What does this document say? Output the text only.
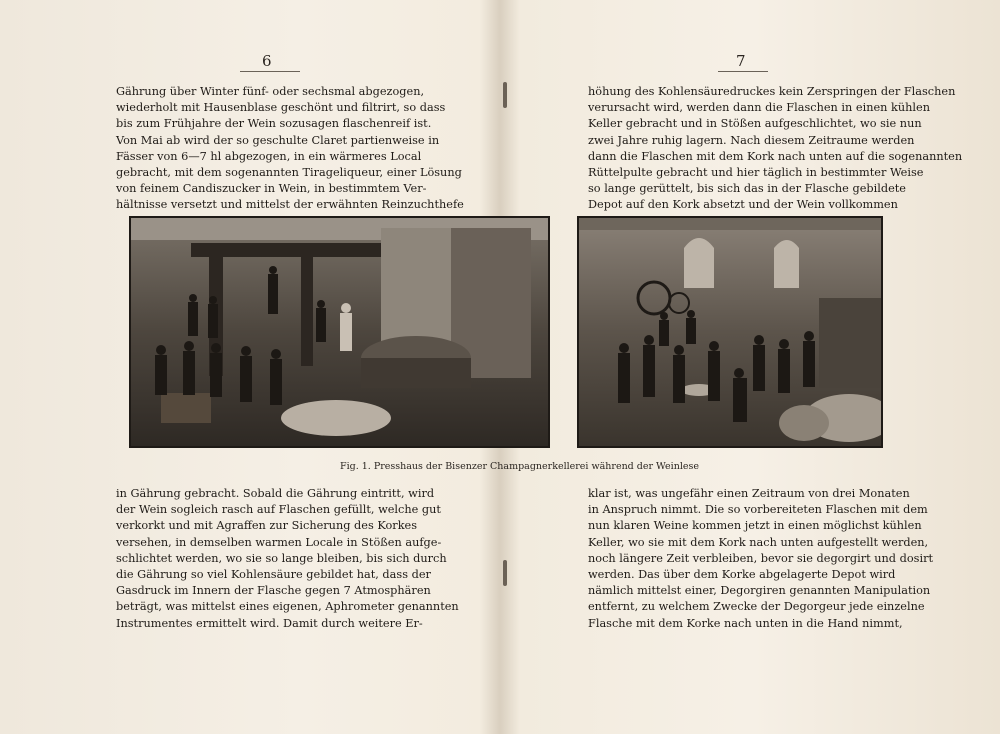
6	7

Gährung über Winter fünf- oder sechsmal abgezogen,

wiederholt mit Hausenblase geschönt und filtrirt, so dass

bis zum Frühjahre der Wein sozusagen flaschenreif ist.

Von Mai ab wird der so geschulte Claret partienweise in

Fässer von 6—7 hl abgezogen, in ein wärmeres Local

gebracht, mit dem sogenannten Tirageliqueur, einer Lösung

von feinem Candiszucker in Wein, in bestimmtem Ver-

hältnisse versetzt und mittelst der erwähnten Reinzuchthefe

höhung des Kohlensäuredruckes kein Zerspringen der Flaschen

verursacht wird, werden dann die Flaschen in einen kühlen

Keller gebracht und in Stößen aufgeschlichtet, wo sie nun

zwei Jahre ruhig lagern. Nach diesem Zeitraume werden

dann die Flaschen mit dem Kork nach unten auf die sogenannten

Rüttelpulte gebracht und hier täglich in bestimmter Weise

so lange gerüttelt, bis sich das in der Flasche gebildete

Depot auf den Kork absetzt und der Wein vollkommen

Fig. 1. Presshaus der Bisenzer Champagnerkellerei während der Weinlese

in Gährung gebracht. Sobald die Gährung eintritt, wird

der Wein sogleich rasch auf Flaschen gefüllt, welche gut

verkorkt und mit Agraffen zur Sicherung des Korkes

versehen, in demselben warmen Locale in Stößen aufge-

schlichtet werden, wo sie so lange bleiben, bis sich durch

die Gährung so viel Kohlensäure gebildet hat, dass der

Gasdruck im Innern der Flasche gegen 7 Atmosphären

beträgt, was mittelst eines eigenen, Aphrometer genannten

Instrumentes ermittelt wird. Damit durch weitere Er-

klar ist, was ungefähr einen Zeitraum von drei Monaten

in Anspruch nimmt. Die so vorbereiteten Flaschen mit dem

nun klaren Weine kommen jetzt in einen möglichst kühlen

Keller, wo sie mit dem Kork nach unten aufgestellt werden,

noch längere Zeit verbleiben, bevor sie degorgirt und dosirt

werden. Das über dem Korke abgelagerte Depot wird

nämlich mittelst einer, Degorgiren genannten Manipulation

entfernt, zu welchem Zwecke der Degorgeur jede einzelne

Flasche mit dem Korke nach unten in die Hand nimmt,
